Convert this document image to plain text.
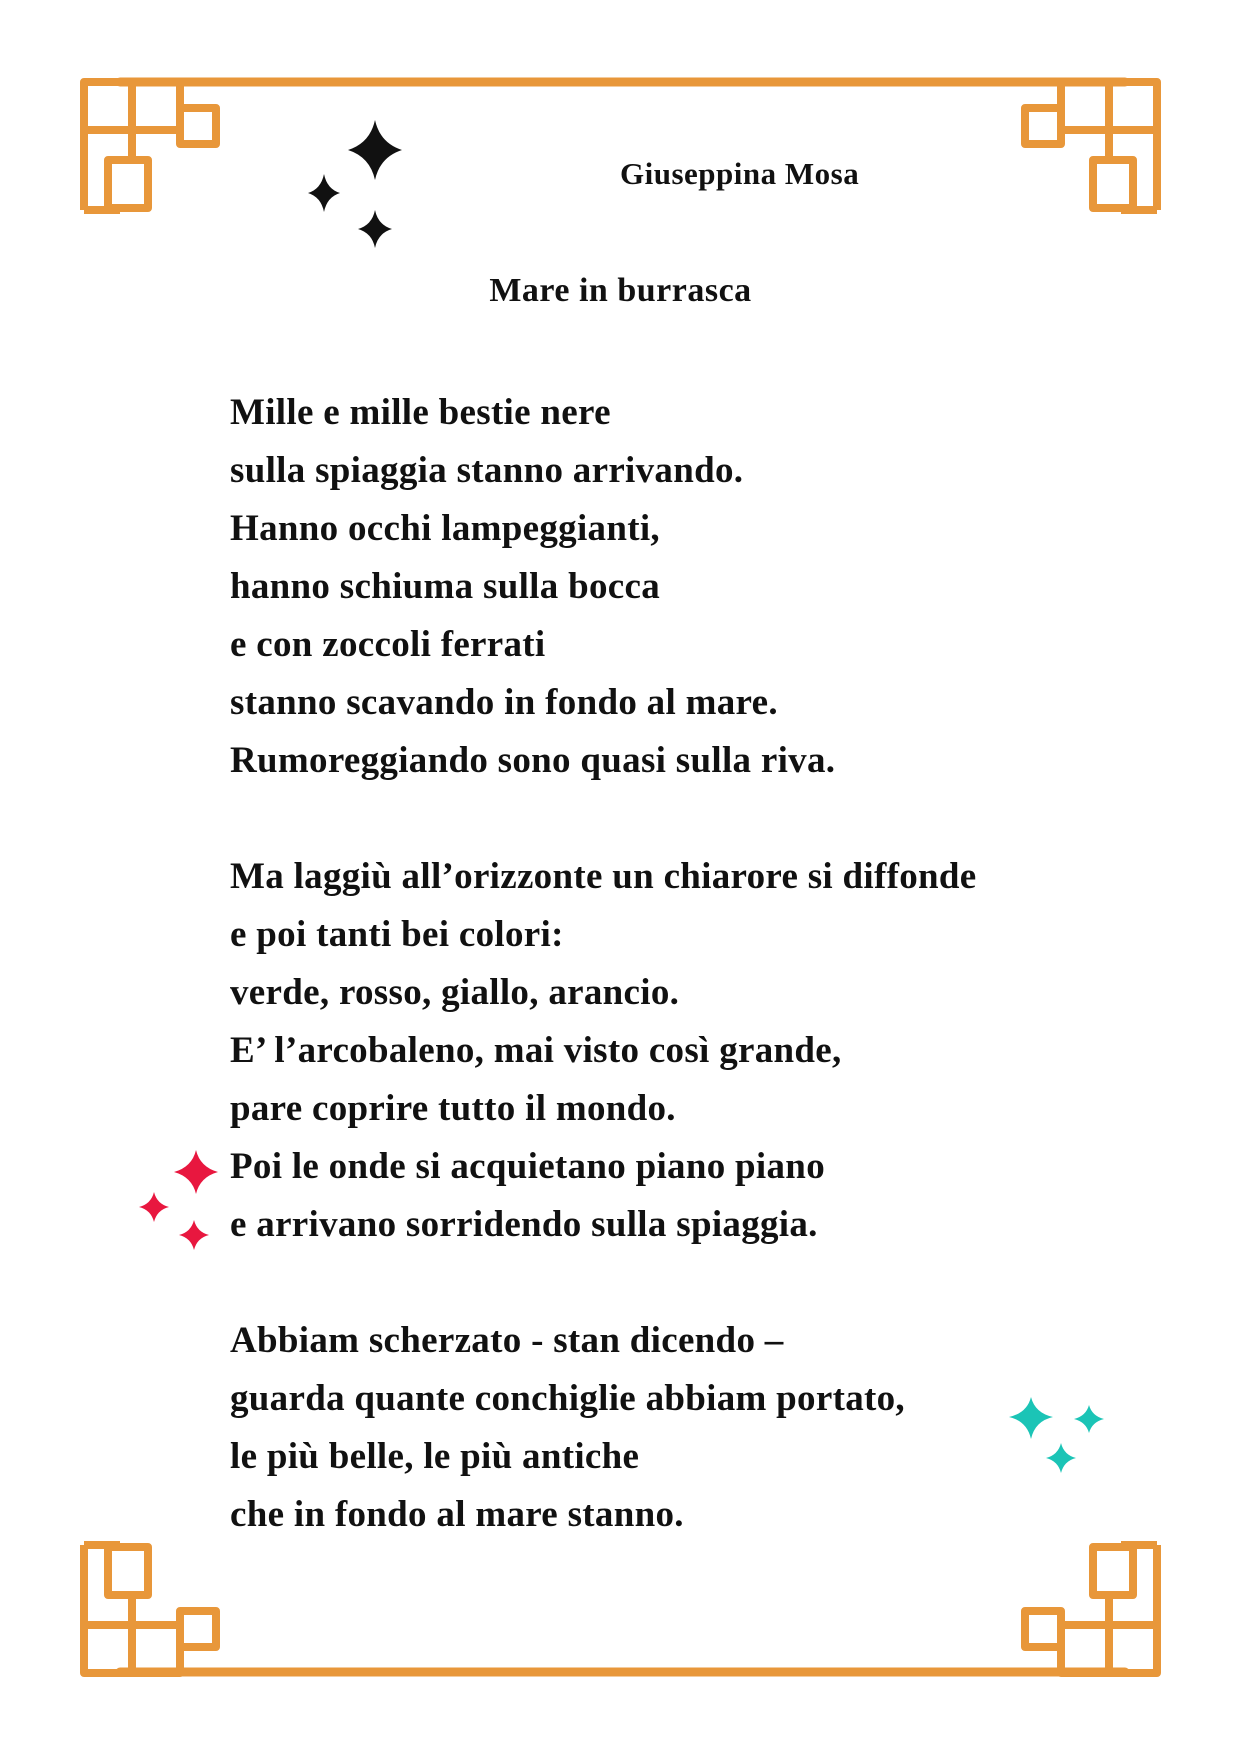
Giuseppina Mosa
Mare in burrasca
Mille e mille bestie nere
sulla spiaggia stanno arrivando.
Hanno occhi lampeggianti,
hanno schiuma sulla bocca
e con zoccoli ferrati
stanno scavando in fondo al mare.
Rumoreggiando sono quasi sulla riva.
Ma laggiù all’orizzonte un chiarore si diffonde
e poi tanti bei colori:
verde, rosso, giallo, arancio.
E’ l’arcobaleno, mai visto così grande,
pare coprire tutto il mondo.
Poi le onde si acquietano piano piano
e arrivano sorridendo sulla spiaggia.
Abbiam scherzato - stan dicendo –
guarda quante conchiglie abbiam portato,
le più belle, le più antiche
che in fondo al mare stanno.
